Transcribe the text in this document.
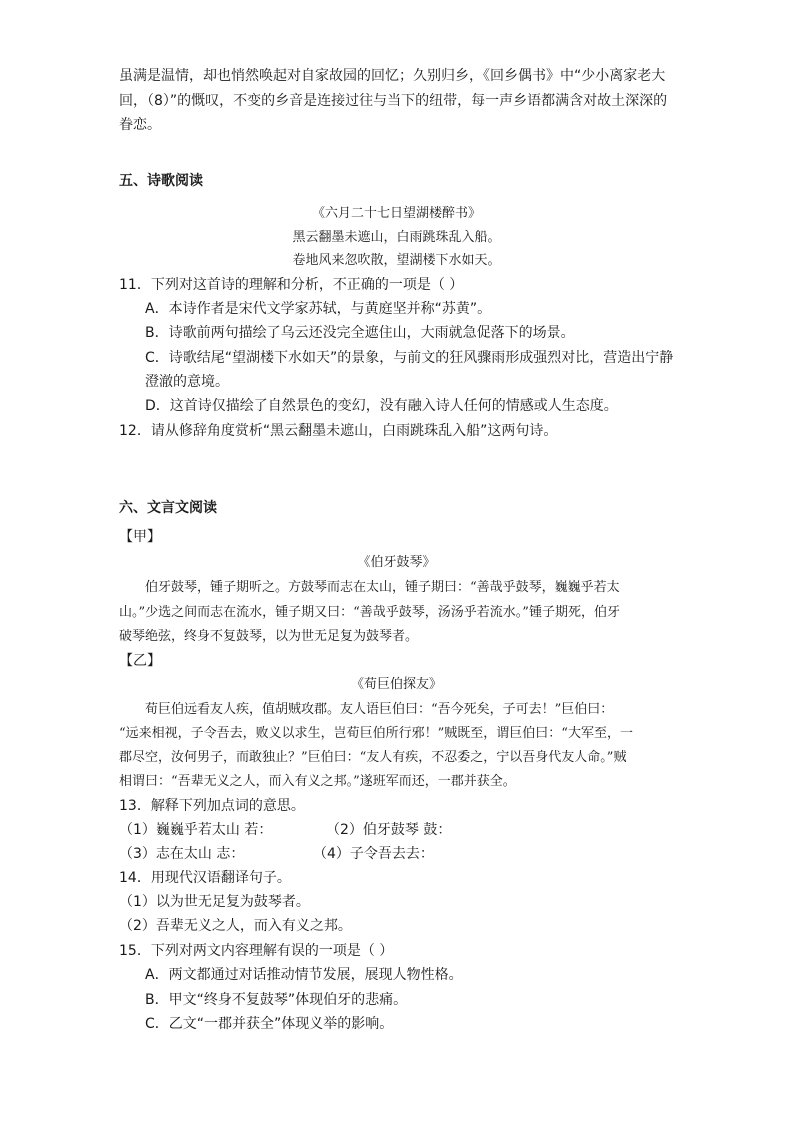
虽满是温情，却也悄然唤起对自家故园的回忆；久别归乡，《回乡偶书》中“少小离家老大
回，（8）”的慨叹，不变的乡音是连接过往与当下的纽带，每一声乡语都满含对故土深深的
眷恋。
五、诗歌阅读
《六月二十七日望湖楼醉书》
黑云翻墨未遮山，白雨跳珠乱入船。
卷地风来忽吹散，望湖楼下水如天。
11．下列对这首诗的理解和分析，不正确的一项是（ ）
A．本诗作者是宋代文学家苏轼，与黄庭坚并称“苏黄”。
B．诗歌前两句描绘了乌云还没完全遮住山，大雨就急促落下的场景。
C．诗歌结尾“望湖楼下水如天”的景象，与前文的狂风骤雨形成强烈对比，营造出宁静
澄澈的意境。
D．这首诗仅描绘了自然景色的变幻，没有融入诗人任何的情感或人生态度。
12．请从修辞角度赏析“黑云翻墨未遮山，白雨跳珠乱入船”这两句诗。
六、文言文阅读
【甲】
《伯牙鼓琴》
伯牙鼓琴，锺子期听之。方鼓琴而志在太山，锺子期曰：“善哉乎鼓琴，巍巍乎若太
山。”少选之间而志在流水，锺子期又曰：“善哉乎鼓琴，汤汤乎若流水。”锺子期死，伯牙
破琴绝弦，终身不复鼓琴，以为世无足复为鼓琴者。
【乙】
《荀巨伯探友》
荀巨伯远看友人疾，值胡贼攻郡。友人语巨伯曰：“吾今死矣，子可去！”巨伯曰：
“远来相视，子令吾去，败义以求生，岂荀巨伯所行邪！”贼既至，谓巨伯曰：“大军至，一
郡尽空，汝何男子，而敢独止？”巨伯曰：“友人有疾，不忍委之，宁以吾身代友人命。”贼
相谓曰：“吾辈无义之人，而入有义之邦。”遂班军而还，一郡并获全。
13．解释下列加点词的意思。
（1）巍巍乎若太山 若：	（2）伯牙鼓琴 鼓：
（3）志在太山 志：	（4）子令吾去去：
14．用现代汉语翻译句子。
（1）以为世无足复为鼓琴者。
（2）吾辈无义之人，而入有义之邦。
15．下列对两文内容理解有误的一项是（ ）
A．两文都通过对话推动情节发展，展现人物性格。
B．甲文“终身不复鼓琴”体现伯牙的悲痛。
C．乙文“一郡并获全”体现义举的影响。
